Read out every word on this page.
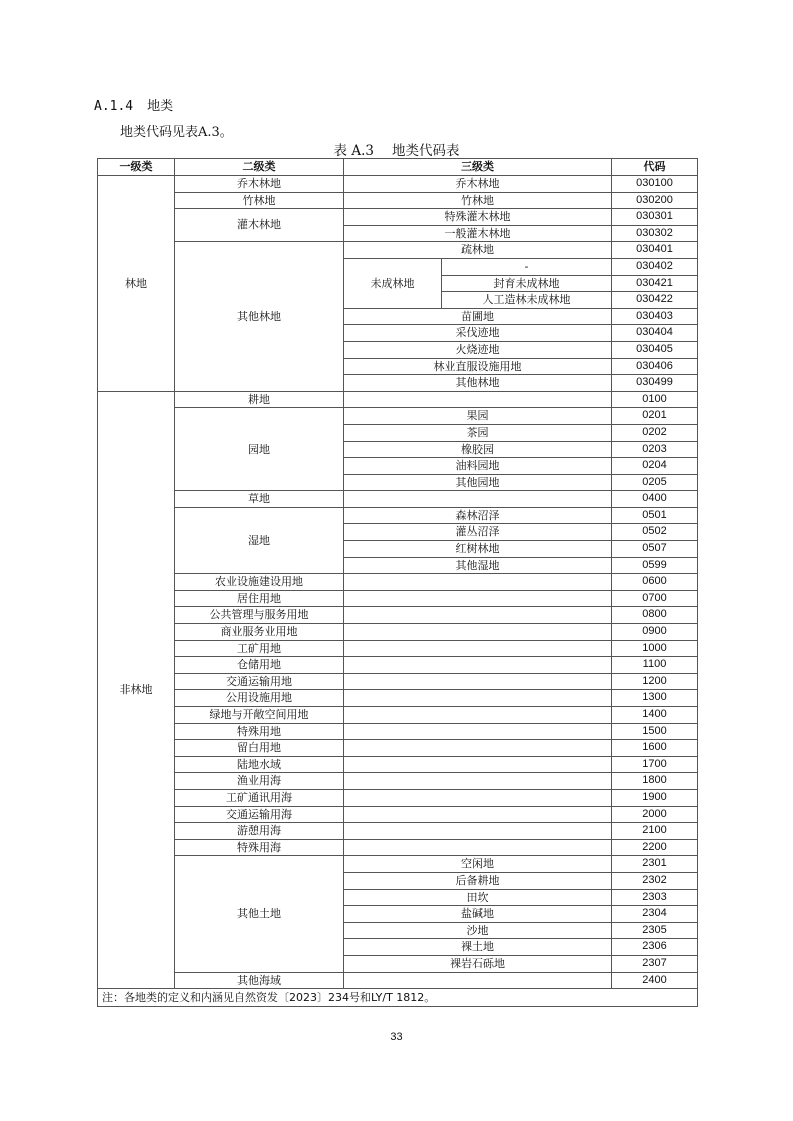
A.1.4 地类
地类代码见表A.3。
表 A.3 地类代码表
一级类	二级类	三级类		代码
林地	乔木林地	乔木林地		030100
	竹林地	竹林地		030200
	灌木林地	特殊灌木林地		030301
		一般灌木林地		030302
	其他林地	疏林地		030401
		未成林地	-	030402
			封育未成林地	030421
			人工造林未成林地	030422
		苗圃地		030403
		采伐迹地		030404
		火烧迹地		030405
		林业直服设施用地		030406
		其他林地		030499
非林地	耕地			0100
	园地	果园		0201
		茶园		0202
		橡胶园		0203
		油料园地		0204
		其他园地		0205
	草地			0400
	湿地	森林沼泽		0501
		灌丛沼泽		0502
		红树林地		0507
		其他湿地		0599
	农业设施建设用地			0600
	居住用地			0700
	公共管理与服务用地			0800
	商业服务业用地			0900
	工矿用地			1000
	仓储用地			1100
	交通运输用地			1200
	公用设施用地			1300
	绿地与开敞空间用地			1400
	特殊用地			1500
	留白用地			1600
	陆地水域			1700
	渔业用海			1800
	工矿通讯用海			1900
	交通运输用海			2000
	游憩用海			2100
	特殊用海			2200
	其他土地	空闲地		2301
		后备耕地		2302
		田坎		2303
		盐碱地		2304
		沙地		2305
		裸土地		2306
		裸岩石砾地		2307
	其他海域			2400
注：各地类的定义和内涵见自然资发〔2023〕234号和LY/T 1812。				
33
